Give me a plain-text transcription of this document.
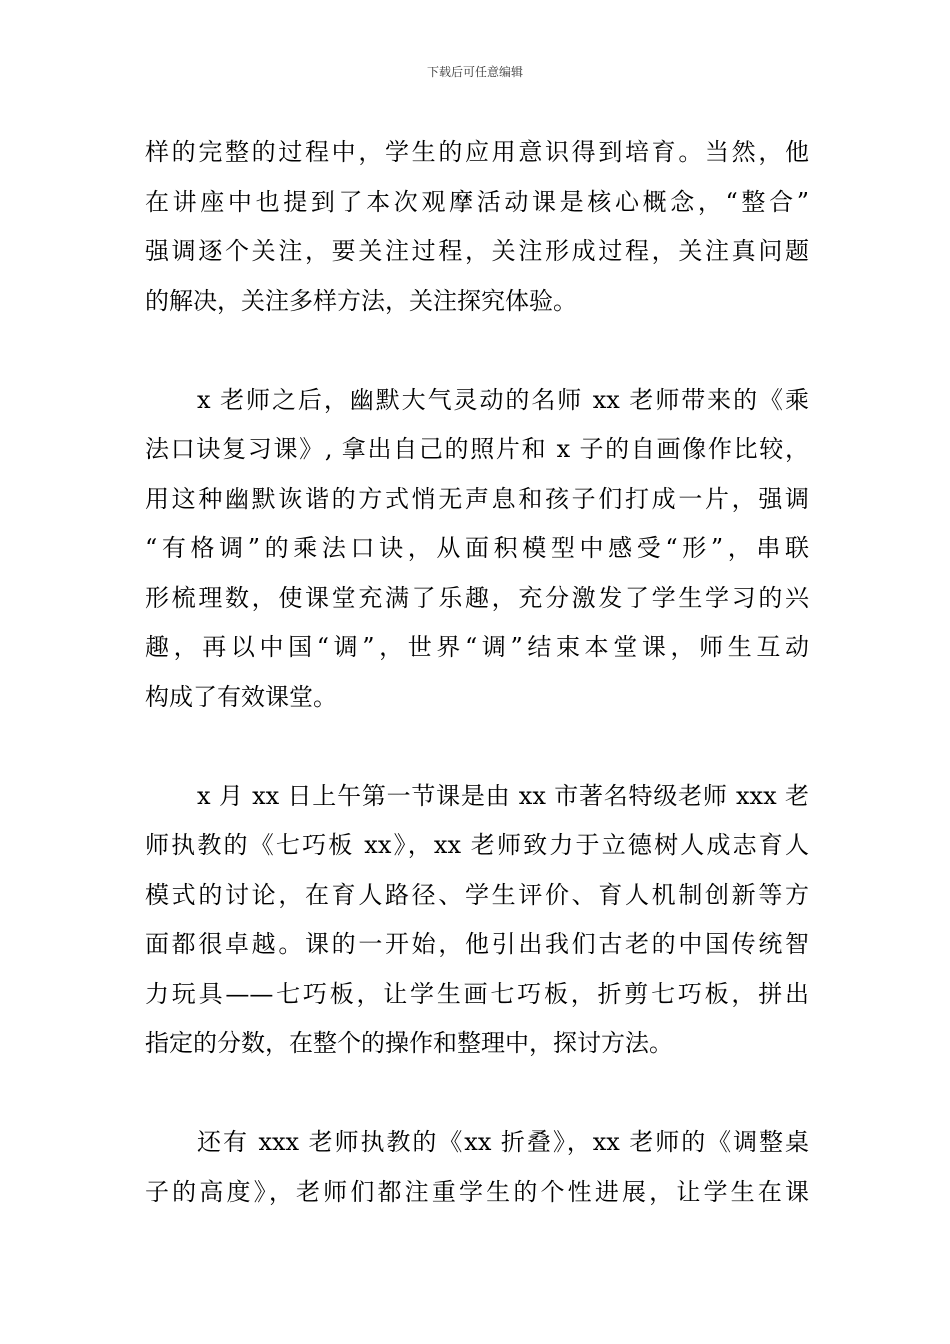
下载后可任意编辑
样的完整的过程中，学生的应用意识得到培育。当然，他
在讲座中也提到了本次观摩活动课是核心概念，“整合”
强调逐个关注，要关注过程，关注形成过程，关注真问题
的解决，关注多样方法，关注探究体验。
x 老师之后，幽默大气灵动的名师 xx 老师带来的《乘
法口诀复习课》, 拿出自己的照片和 x 子的自画像作比较，
用这种幽默诙谐的方式悄无声息和孩子们打成一片，强调
“有格调”的乘法口诀，从面积模型中感受“形”，串联
形梳理数，使课堂充满了乐趣，充分激发了学生学习的兴
趣，再以中国“调”，世界“调”结束本堂课，师生互动
构成了有效课堂。
x 月 xx 日上午第一节课是由 xx 市著名特级老师 xxx 老
师执教的《七巧板 xx》，xx 老师致力于立德树人成志育人
模式的讨论，在育人路径、学生评价、育人机制创新等方
面都很卓越。课的一开始，他引出我们古老的中国传统智
力玩具——七巧板，让学生画七巧板，折剪七巧板，拼出
指定的分数，在整个的操作和整理中，探讨方法。
还有 xxx 老师执教的《xx 折叠》，xx 老师的《调整桌
子的高度》，老师们都注重学生的个性进展，让学生在课
